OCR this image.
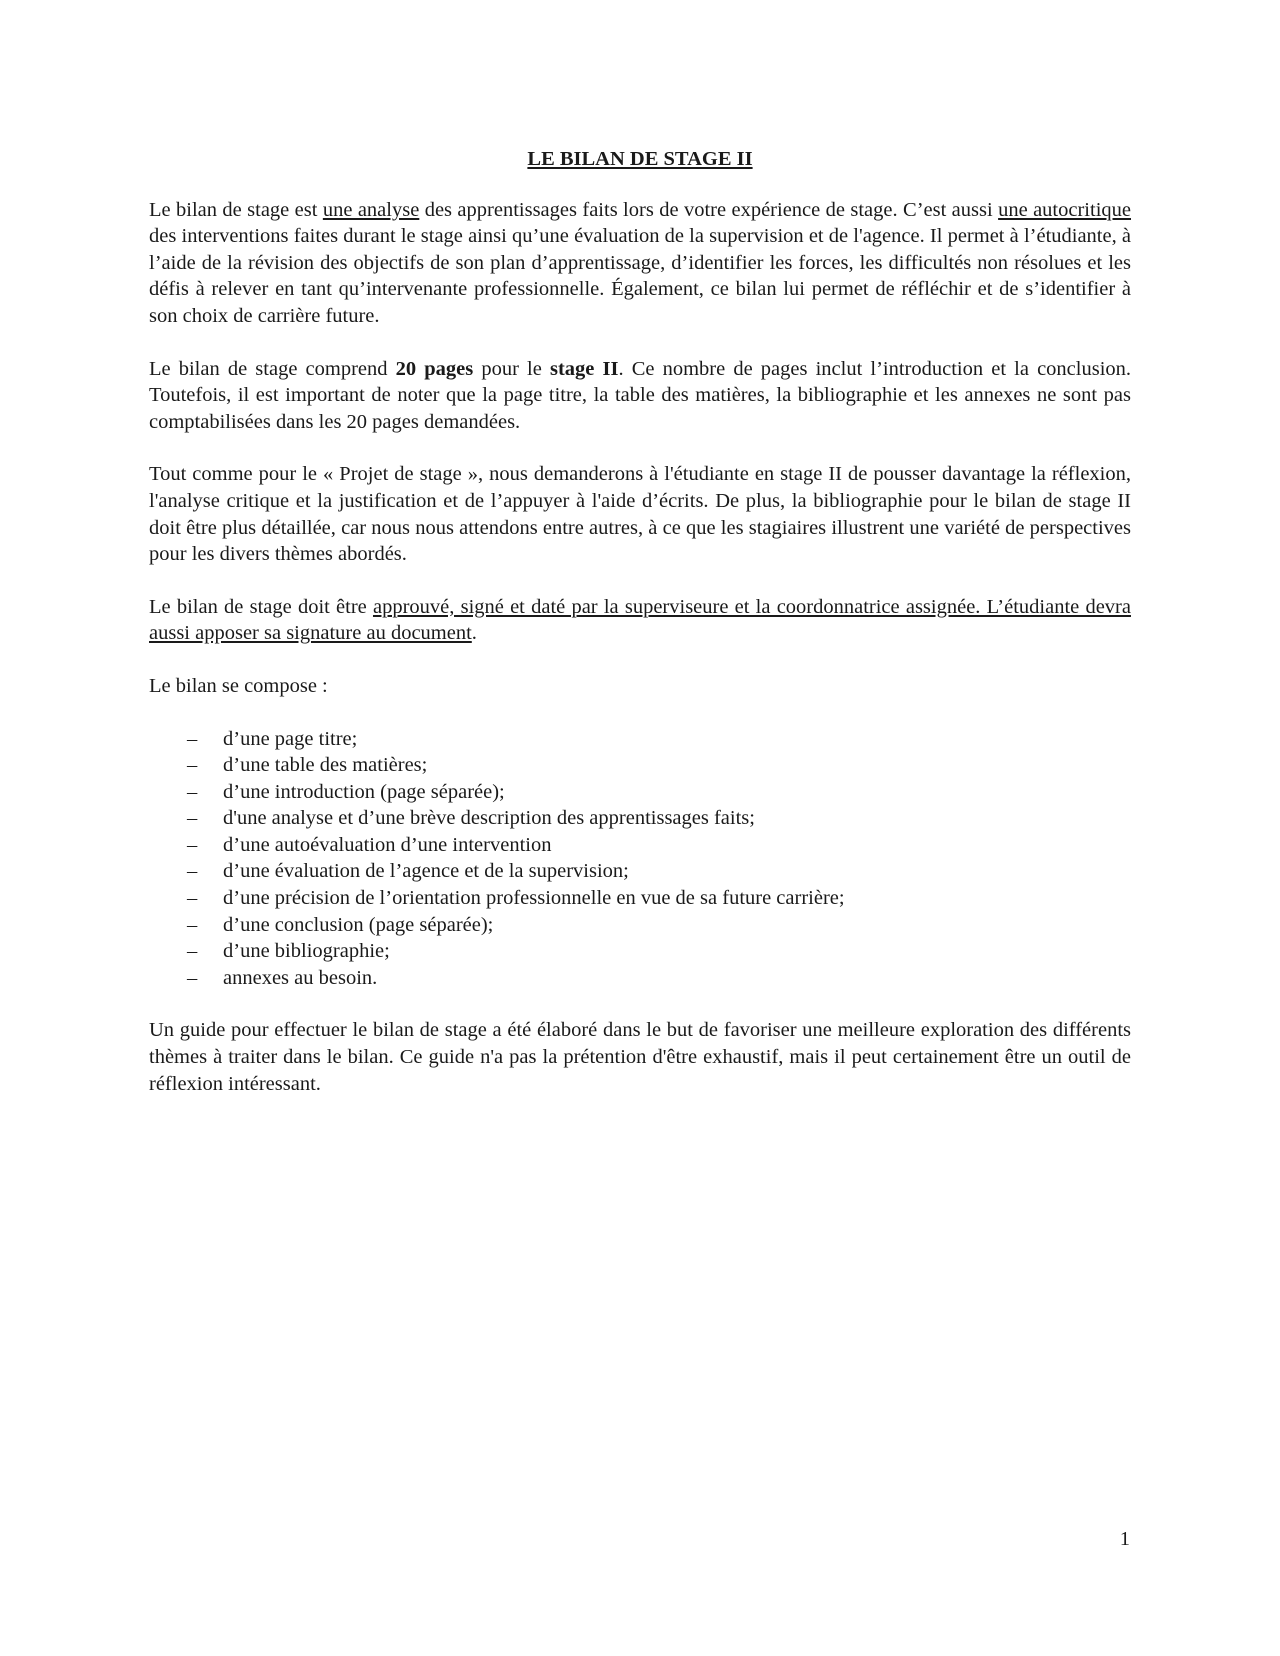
LE BILAN DE STAGE II

Le bilan de stage est une analyse des apprentissages faits lors de votre expérience de stage. C’est aussi une autocritique des interventions faites durant le stage ainsi qu’une évaluation de la supervision et de l'agence. Il permet à l’étudiante, à l’aide de la révision des objectifs de son plan d’apprentissage, d’identifier les forces, les difficultés non résolues et les défis à relever en tant qu’intervenante professionnelle. Également, ce bilan lui permet de réfléchir et de s’identifier à son choix de carrière future.

Le bilan de stage comprend 20 pages pour le stage II. Ce nombre de pages inclut l’introduction et la conclusion. Toutefois, il est important de noter que la page titre, la table des matières, la bibliographie et les annexes ne sont pas comptabilisées dans les 20 pages demandées.

Tout comme pour le « Projet de stage », nous demanderons à l'étudiante en stage II de pousser davantage la réflexion, l'analyse critique et la justification et de l’appuyer à l'aide d’écrits. De plus, la bibliographie pour le bilan de stage II doit être plus détaillée, car nous nous attendons entre autres, à ce que les stagiaires illustrent une variété de perspectives pour les divers thèmes abordés.

Le bilan de stage doit être approuvé, signé et daté par la superviseure et la coordonnatrice assignée. L’étudiante devra aussi apposer sa signature au document.

Le bilan se compose :
– d’une page titre;
– d’une table des matières;
– d’une introduction (page séparée);
– d'une analyse et d’une brève description des apprentissages faits;
– d’une autoévaluation d’une intervention
– d’une évaluation de l’agence et de la supervision;
– d’une précision de l’orientation professionnelle en vue de sa future carrière;
– d’une conclusion (page séparée);
– d’une bibliographie;
– annexes au besoin.

Un guide pour effectuer le bilan de stage a été élaboré dans le but de favoriser une meilleure exploration des différents thèmes à traiter dans le bilan. Ce guide n'a pas la prétention d'être exhaustif, mais il peut certainement être un outil de réflexion intéressant.

1
